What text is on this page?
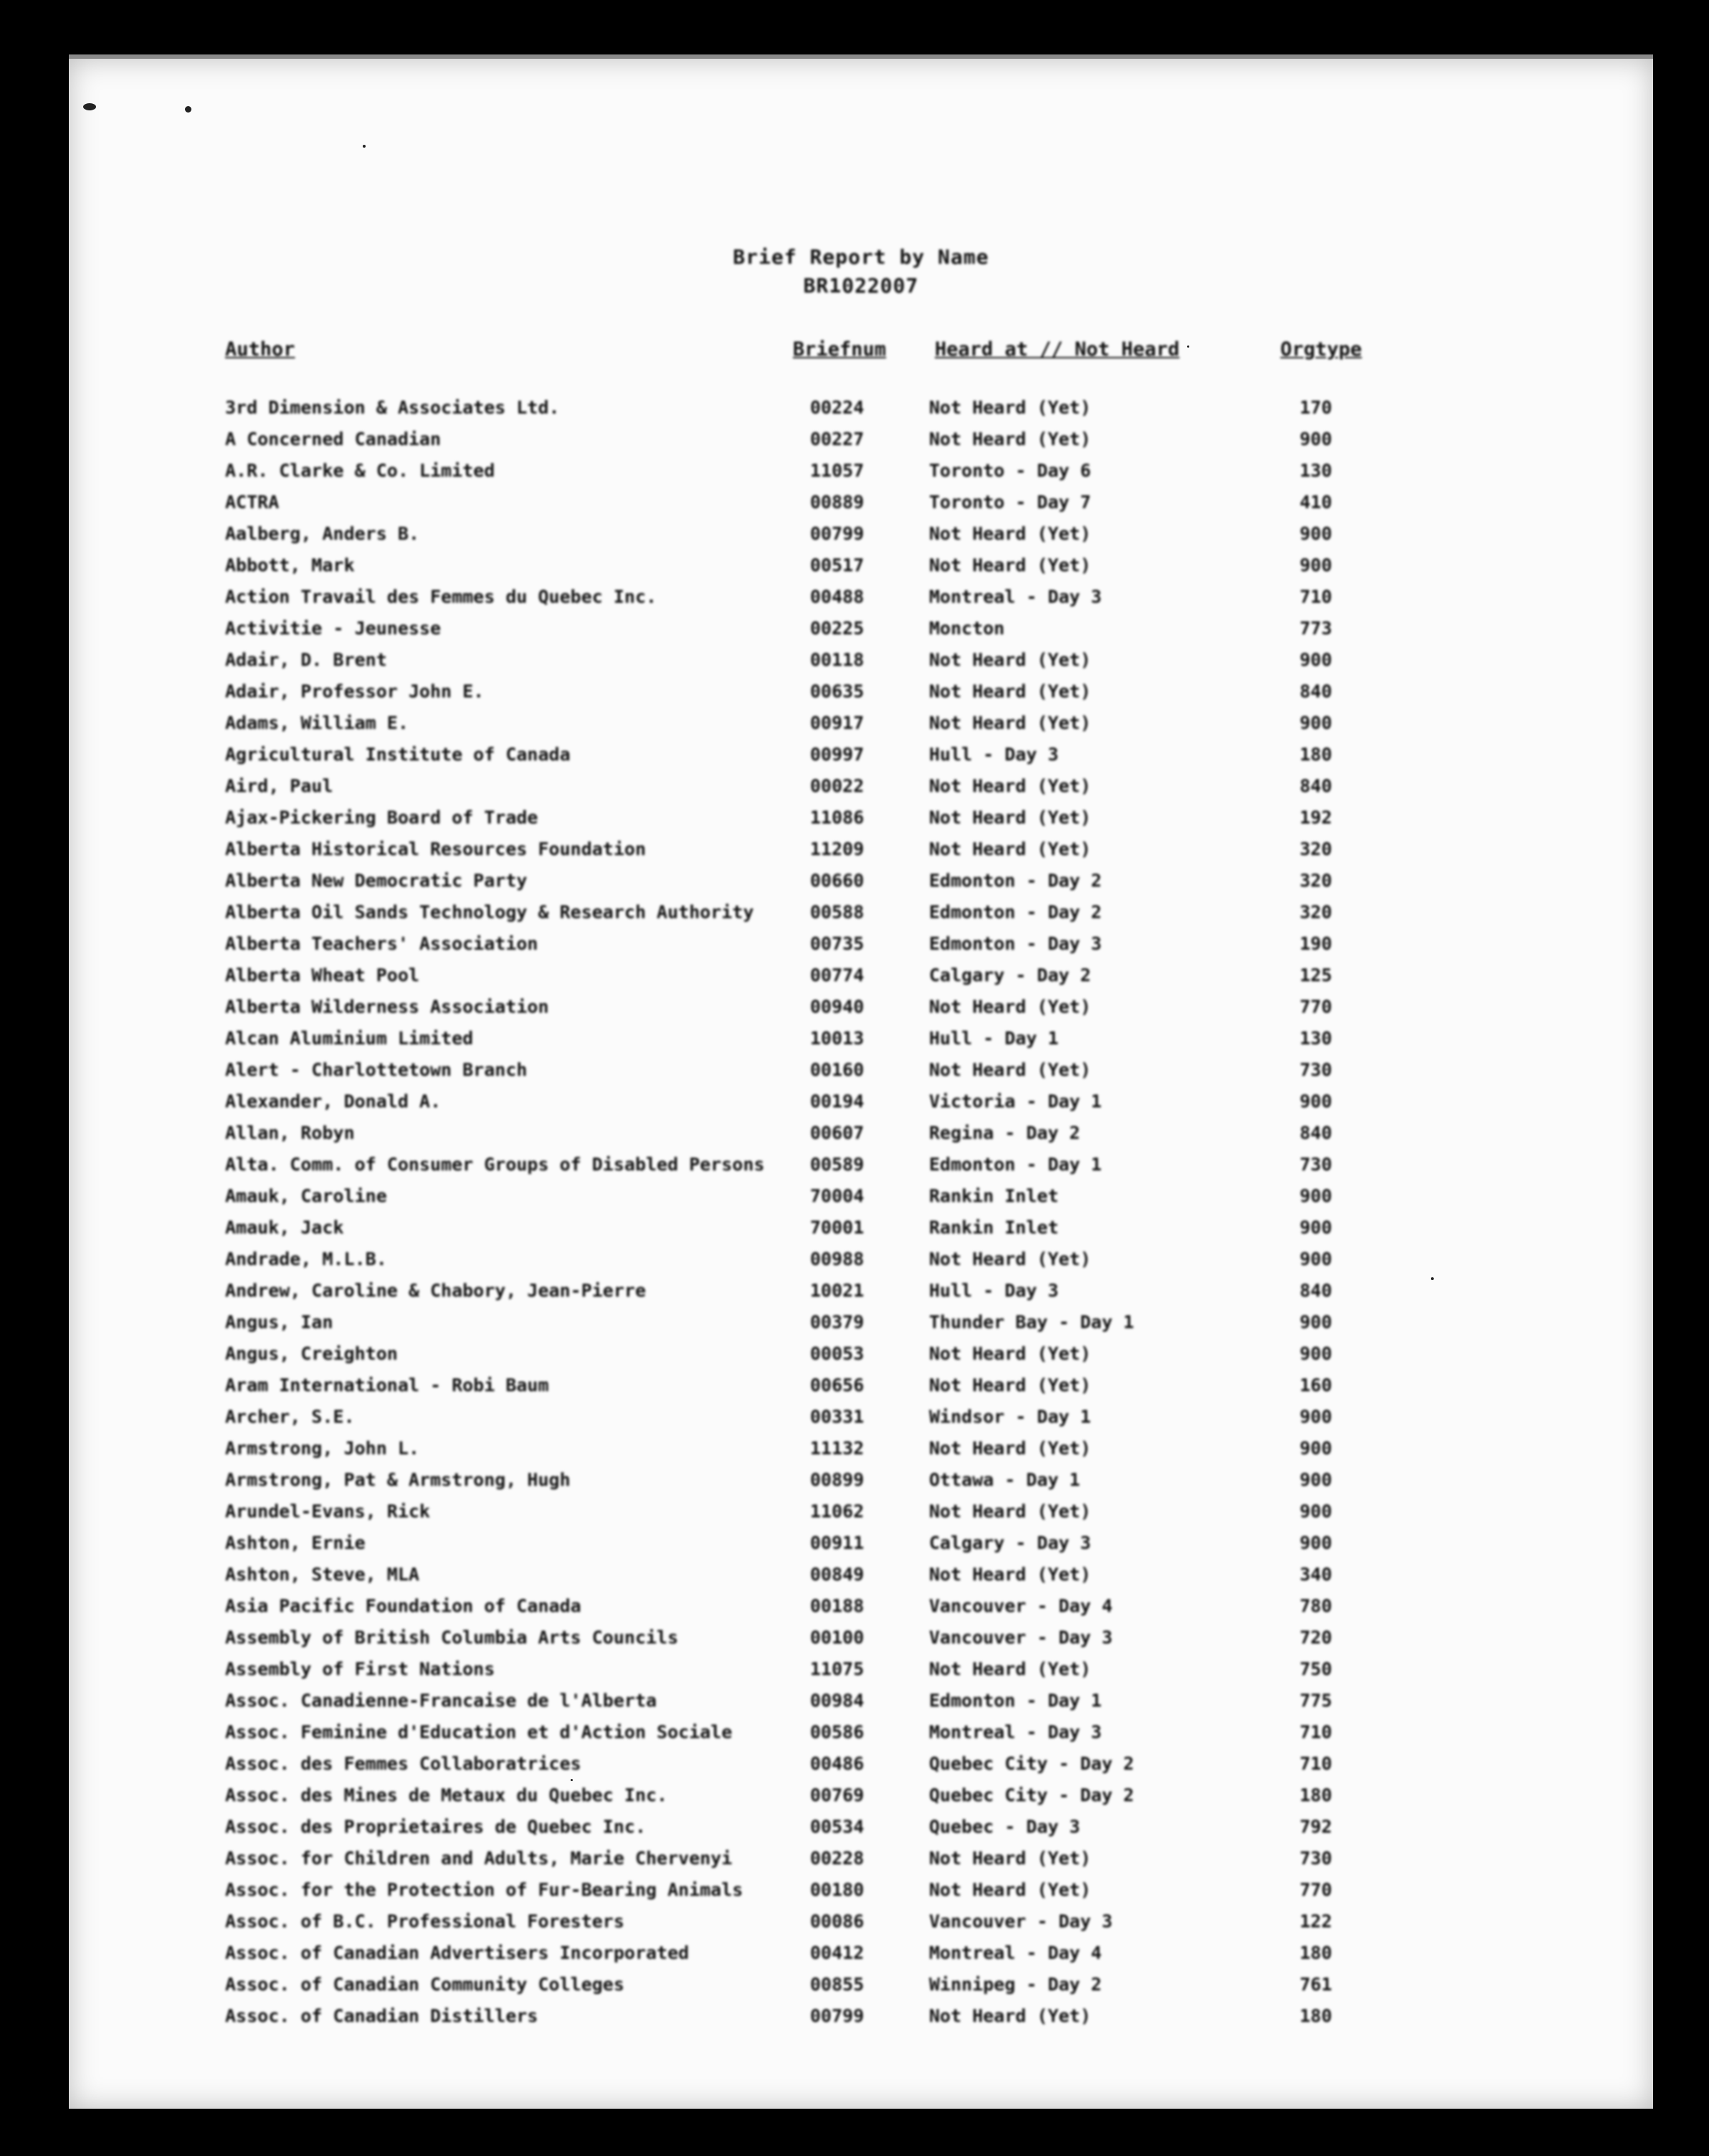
Brief Report by Name
BR1022007
Author	Briefnum	Heard at // Not Heard	Orgtype
3rd Dimension & Associates Ltd.	00224	Not Heard (Yet)	170
A Concerned Canadian	00227	Not Heard (Yet)	900
A.R. Clarke & Co. Limited	11057	Toronto - Day 6	130
ACTRA	00889	Toronto - Day 7	410
Aalberg, Anders B.	00799	Not Heard (Yet)	900
Abbott, Mark	00517	Not Heard (Yet)	900
Action Travail des Femmes du Quebec Inc.	00488	Montreal - Day 3	710
Activitie - Jeunesse	00225	Moncton	773
Adair, D. Brent	00118	Not Heard (Yet)	900
Adair, Professor John E.	00635	Not Heard (Yet)	840
Adams, William E.	00917	Not Heard (Yet)	900
Agricultural Institute of Canada	00997	Hull - Day 3	180
Aird, Paul	00022	Not Heard (Yet)	840
Ajax-Pickering Board of Trade	11086	Not Heard (Yet)	192
Alberta Historical Resources Foundation	11209	Not Heard (Yet)	320
Alberta New Democratic Party	00660	Edmonton - Day 2	320
Alberta Oil Sands Technology & Research Authority	00588	Edmonton - Day 2	320
Alberta Teachers' Association	00735	Edmonton - Day 3	190
Alberta Wheat Pool	00774	Calgary - Day 2	125
Alberta Wilderness Association	00940	Not Heard (Yet)	770
Alcan Aluminium Limited	10013	Hull - Day 1	130
Alert - Charlottetown Branch	00160	Not Heard (Yet)	730
Alexander, Donald A.	00194	Victoria - Day 1	900
Allan, Robyn	00607	Regina - Day 2	840
Alta. Comm. of Consumer Groups of Disabled Persons	00589	Edmonton - Day 1	730
Amauk, Caroline	70004	Rankin Inlet	900
Amauk, Jack	70001	Rankin Inlet	900
Andrade, M.L.B.	00988	Not Heard (Yet)	900
Andrew, Caroline & Chabory, Jean-Pierre	10021	Hull - Day 3	840
Angus, Ian	00379	Thunder Bay - Day 1	900
Angus, Creighton	00053	Not Heard (Yet)	900
Aram International - Robi Baum	00656	Not Heard (Yet)	160
Archer, S.E.	00331	Windsor - Day 1	900
Armstrong, John L.	11132	Not Heard (Yet)	900
Armstrong, Pat & Armstrong, Hugh	00899	Ottawa - Day 1	900
Arundel-Evans, Rick	11062	Not Heard (Yet)	900
Ashton, Ernie	00911	Calgary - Day 3	900
Ashton, Steve, MLA	00849	Not Heard (Yet)	340
Asia Pacific Foundation of Canada	00188	Vancouver - Day 4	780
Assembly of British Columbia Arts Councils	00100	Vancouver - Day 3	720
Assembly of First Nations	11075	Not Heard (Yet)	750
Assoc. Canadienne-Francaise de l'Alberta	00984	Edmonton - Day 1	775
Assoc. Feminine d'Education et d'Action Sociale	00586	Montreal - Day 3	710
Assoc. des Femmes Collaboratrices	00486	Quebec City - Day 2	710
Assoc. des Mines de Metaux du Quebec Inc.	00769	Quebec City - Day 2	180
Assoc. des Proprietaires de Quebec Inc.	00534	Quebec - Day 3	792
Assoc. for Children and Adults, Marie Chervenyi	00228	Not Heard (Yet)	730
Assoc. for the Protection of Fur-Bearing Animals	00180	Not Heard (Yet)	770
Assoc. of B.C. Professional Foresters	00086	Vancouver - Day 3	122
Assoc. of Canadian Advertisers Incorporated	00412	Montreal - Day 4	180
Assoc. of Canadian Community Colleges	00855	Winnipeg - Day 2	761
Assoc. of Canadian Distillers	00799	Not Heard (Yet)	180
